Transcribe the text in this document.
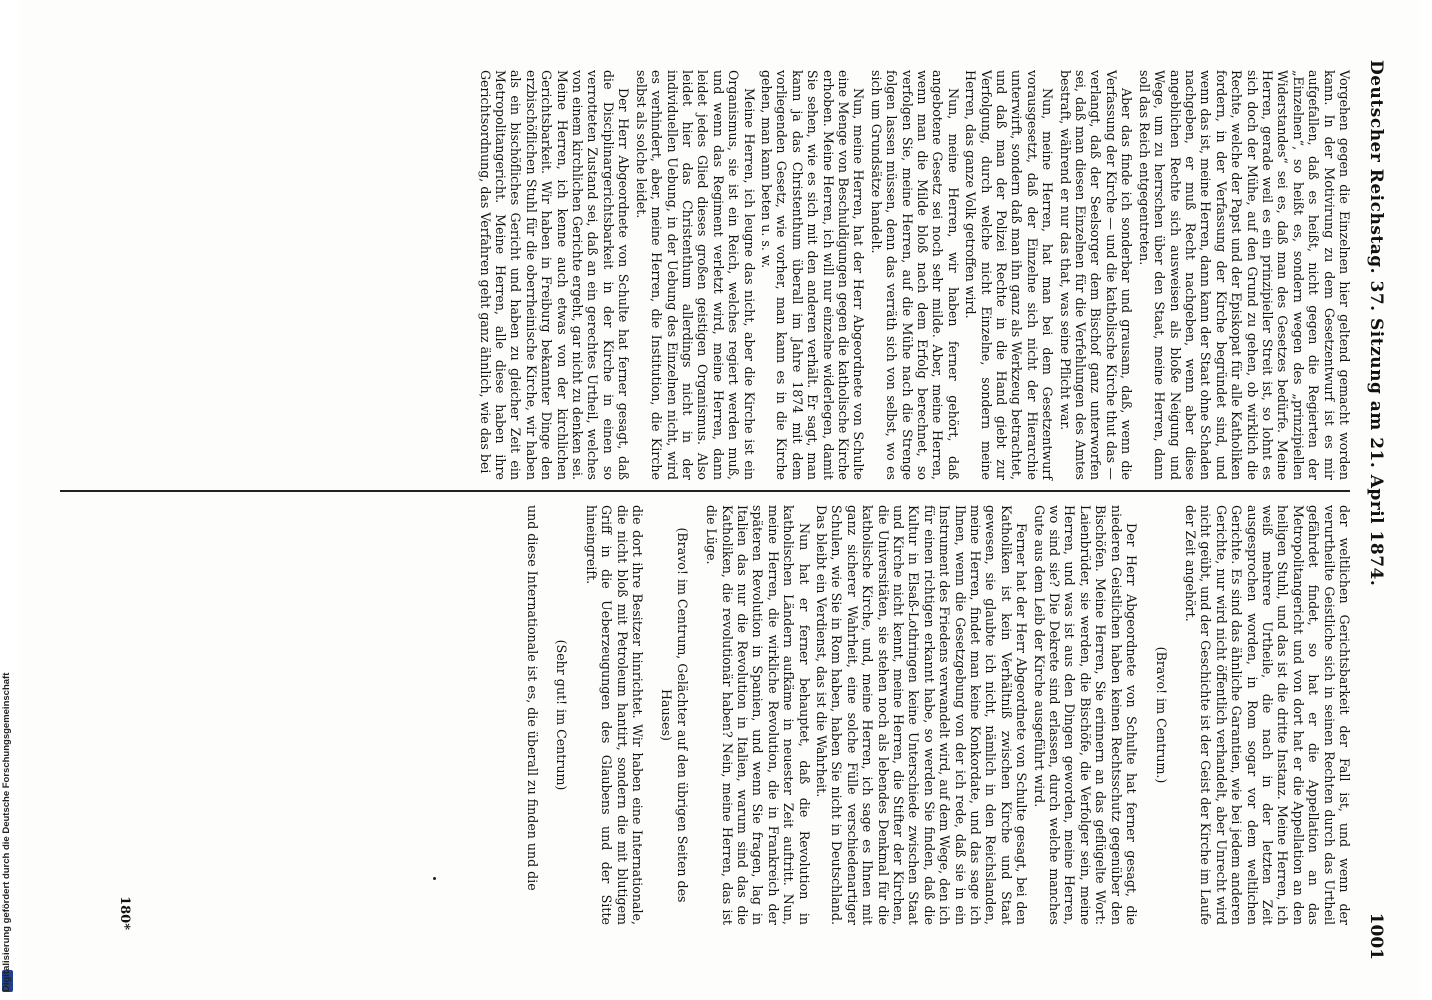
Deutscher Reichstag. 37. Sitzung am 21. April 1874.
1001

Vorgehen gegen die Einzelnen hier geltend gemacht worden kann. In der Motivirung zu dem Gesetzentwurf ist es mir aufgefallen, daß es heißt, nicht gegen die Regierten der „Einzelnen“, so heißt es, sondern wegen des „prinzipiellen Widerstandes“ sei es, daß man des Gesetzes bedürfe. Meine Herren, gerade weil es ein prinzipieller Streit ist, so lohnt es sich doch der Mühe, auf den Grund zu gehen, ob wirklich die Rechte, welche der Papst und der Episkopat für alle Katholiken fordern, in der Verfassung der Kirche begründet sind, und wenn das ist, meine Herren, dann kann der Staat ohne Schaden nachgeben, er muß Recht nachgeben, wenn aber diese angeblichen Rechte sich ausweisen als bloße Neigung und Wege, um zu herrschen über den Staat, meine Herren, dann soll das Reich entgegentreten.

Aber das finde ich sonderbar und grausam, daß, wenn die Verfassung der Kirche — und die katholische Kirche thut das — verlangt, daß der Seelsorger dem Bischof ganz unterworfen sei, daß man diesen Einzelnen für die Verfehlungen des Amtes bestraft, während er nur das that, was seine Pflicht war.

Nun, meine Herren, hat man bei dem Gesetzentwurf vorausgesetzt, daß der Einzelne sich nicht der Hierarchie unterwirft, sondern daß man ihn ganz als Werkzeug betrachtet, und daß man der Polizei Rechte in die Hand giebt zur Verfolgung, durch welche nicht Einzelne, sondern meine Herren, das ganze Volk getroffen wird.

Nun, meine Herren, wir haben ferner gehört, daß angebotene Gesetz sei noch sehr milde. Aber, meine Herren, wenn man die Milde bloß nach dem Erfolg berechnet, so verfolgen Sie, meine Herren, auf die Mühe nach die Strenge folgen lassen müssen, denn das verräth sich von selbst, wo es sich um Grundsätze handelt.

Nun, meine Herren, hat der Herr Abgeordnete von Schulte eine Menge von Beschuldigungen gegen die katholische Kirche erhoben. Meine Herren, ich will nur einzelne widerlegen, damit Sie sehen, wie es sich mit den anderen verhält. Er sagt, man kann ja das Christenthum überall im Jahre 1874 mit dem vorliegenden Gesetz, wie vorher, man kann es in die Kirche gehen, man kann beten u. s. w.

Meine Herren, ich leugne das nicht, aber die Kirche ist ein Organismus, sie ist ein Reich, welches regiert werden muß, und wenn das Regiment verletzt wird, meine Herren, dann leidet jedes Glied dieses großen geistigen Organismus. Also leidet hier das Christenthum allerdings nicht in der individuellen Uebung, in der Uebung des Einzelnen nicht, wird es verhindert, aber, meine Herren, die Institution, die Kirche selbst als solche leidet.

Der Herr Abgeordnete von Schulte hat ferner gesagt, daß die Disciplinargerichtsbarkeit in der Kirche in einen so verrotteten Zustand sei, daß an ein gerechtes Urtheil, welches von einem kirchlichen Gerichte ergeht, gar nicht zu denken sei. Meine Herren, ich kenne auch etwas von der kirchlichen Gerichtsbarkeit. Wir haben in Freiburg bekannter Dinge den erzbischöflichen Stuhl für die oberrheinische Kirche, wir haben als ein bischöfliches Gericht und haben zu gleicher Zeit ein Metropolitangericht. Meine Herren, alle diese haben ihre Gerichtsordnung, das Verfahren geht ganz ähnlich, wie das bei

der weltlichen Gerichtsbarkeit der Fall ist, und wenn der verurtheilte Geistliche sich in seinen Rechten durch das Urtheil gefährdet findet, so hat er die Appellation an das Metropolitangericht und von dort hat er die Appellation an den heiligen Stuhl, und das ist die dritte Instanz. Meine Herren, ich weiß mehrere Urtheile, die nach in der letzten Zeit ausgesprochen worden, in Rom sogar vor dem weltlichen Gerichte. Es sind das ähnliche Garantien, wie bei jedem anderen Gerichte, nur wird nicht öffentlich verhandelt, aber Unrecht wird nicht geübt, und der Geschichte ist der Geist der Kirche im Laufe der Zeit angehört.

(Bravo! im Centrum.)

Der Herr Abgeordnete von Schulte hat ferner gesagt, die niederen Geistlichen haben keinen Rechtsschutz gegenüber den Bischöfen. Meine Herren, Sie erinnern an das geflügelte Wort: Laienbrüder, sie werden, die Bischöfe, die Verfolger sein, meine Herren, und was ist aus den Dingen geworden, meine Herren, wo sind sie? Die Dekrete sind erlassen, durch welche manches Gute aus dem Leib der Kirche ausgeführt wird.

Ferner hat der Herr Abgeordnete von Schulte gesagt, bei den Katholiken ist kein Verhältniß zwischen Kirche und Staat gewesen, sie glaubte ich nicht, nämlich in den Reichslanden, meine Herren, findet man keine Konkordate, und das sage ich Ihnen, wenn die Gesetzgebung von der ich rede, daß sie in ein Instrument des Friedens verwandelt wird, auf dem Wege, den ich für einen richtigen erkannt habe, so werden Sie finden, daß die Kultur in Elsaß-Lothringen keine Unterschiede zwischen Staat und Kirche nicht kennt, meine Herren, die Stifter der Kirchen, die Universitäten, sie stehen noch als lebendes Denkmal für die katholische Kirche, und, meine Herren, ich sage es Ihnen mit ganz sicherer Wahrheit, eine solche Fülle verschiedenartiger Schulen, wie Sie in Rom haben, haben Sie nicht in Deutschland. Das bleibt ein Verdienst, das ist die Wahrheit.

Nun hat er ferner behauptet, daß die Revolution in katholischen Ländern aufkäme in neuester Zeit auftritt. Nun, meine Herren, die wirkliche Revolution, die in Frankreich der späteren Revolution in Spanien, und wenn Sie fragen, lag in Italien das nur die Revolution in Italien, warum sind das die Katholiken, die revolutionär haben? Nein, meine Herren, das ist die Lüge.

(Bravo! im Centrum, Gelächter auf den übrigen Seiten des Hauses)

die dort ihre Besitzer hinrichtet. Wir haben eine Internationale, die nicht bloß mit Petroleum hantirt, sondern die mit blutigem Griff in die Ueberzeugungen des Glaubens und der Sitte hineingreift.

(Sehr gut! im Centrum)

und diese Internationale ist es, die überall zu finden und die

180*
Digitalisierung gefördert durch die Deutsche Forschungsgemeinschaft
